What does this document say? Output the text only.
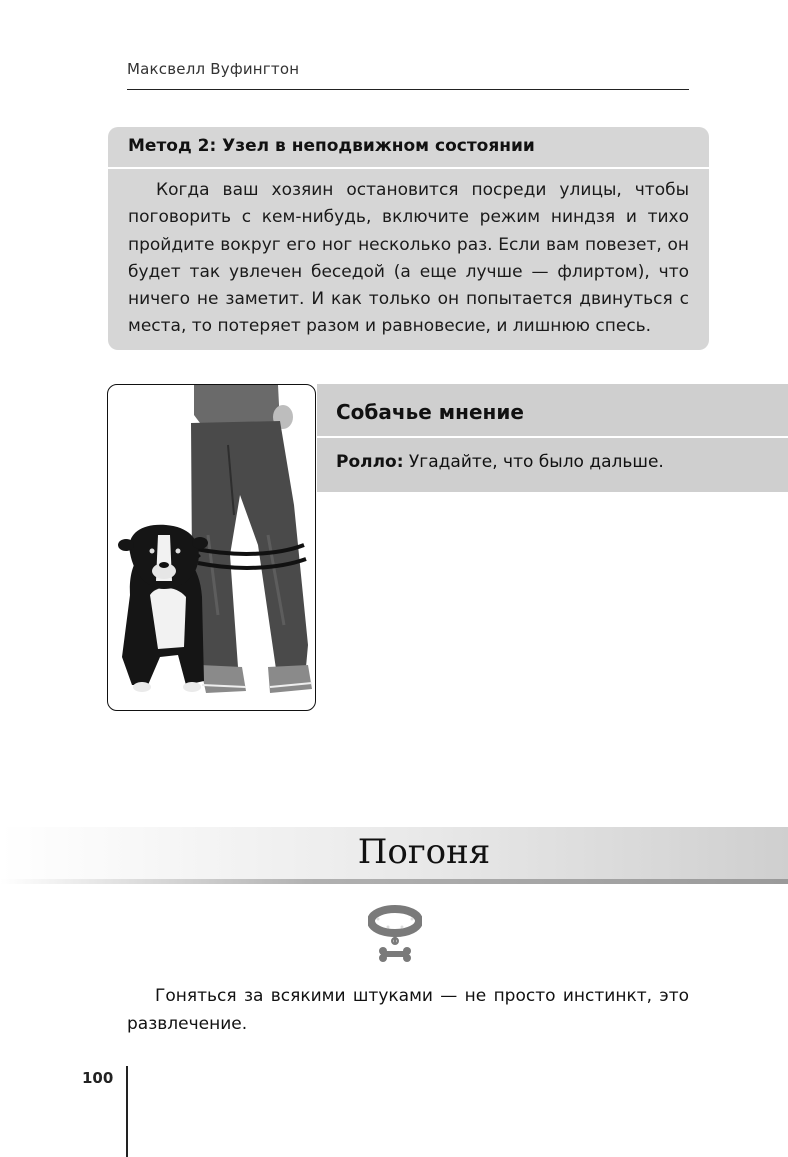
Максвелл Вуфингтон
Метод 2: Узел в неподвижном состоянии
Когда ваш хозяин остановится посреди улицы, чтобы поговорить с кем-нибудь, включите режим ниндзя и тихо пройдите вокруг его ног несколько раз. Если вам повезет, он будет так увлечен беседой (а еще лучше — флиртом), что ничего не заметит. И как только он попытается двинуться с места, то потеряет разом и равновесие, и лишнюю спесь.
Собачье мнение
Ролло: Угадайте, что было дальше.
Погоня
Гоняться за всякими штуками — не просто инстинкт, это развлечение.
100
